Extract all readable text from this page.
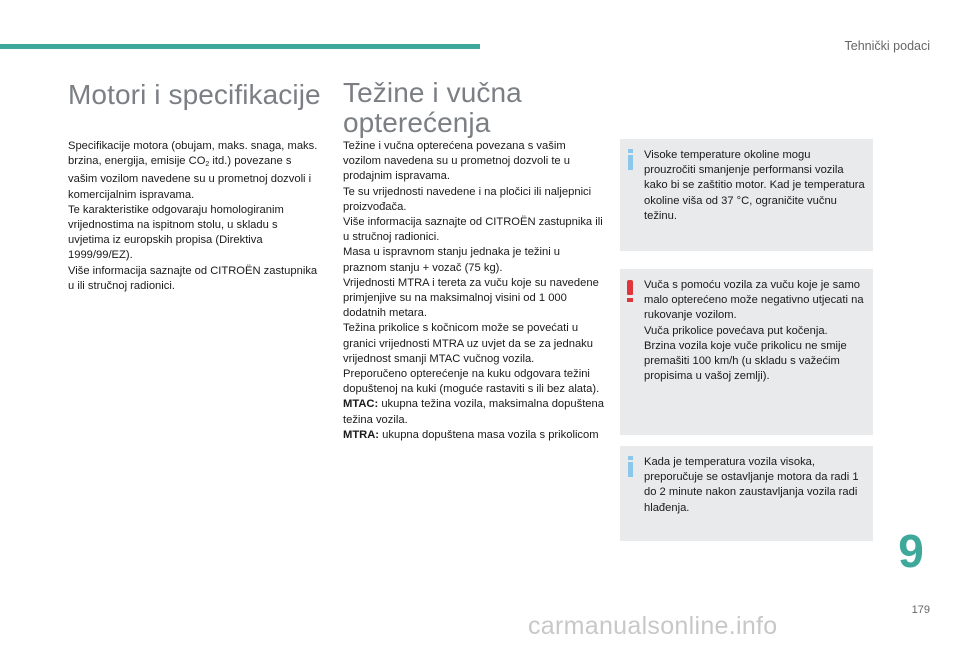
Tehnički podaci
Motori i specifikacije

Specifikacije motora (obujam, maks. snaga, maks. brzina, energija, emisije $CO_2$ itd.) povezane s vašim vozilom navedene su u prometnoj dozvoli i komercijalnim ispravama.

Te karakteristike odgovaraju homologiranim vrijednostima na ispitnom stolu, u skladu s uvjetima iz europskih propisa (Direktiva 1999/99/EZ).

Više informacija saznajte od CITROËN zastupnika u ili stručnoj radionici.

Težine i vučna opterećenja

Težine i vučna opterećena povezana s vašim vozilom navedena su u prometnoj dozvoli te u prodajnim ispravama.

Te su vrijednosti navedene i na pločici ili naljepnici proizvođača.

Više informacija saznajte od CITROËN zastupnika ili u stručnoj radionici.

Masa u ispravnom stanju jednaka je težini u praznom stanju + vozač (75 kg).

Vrijednosti MTRA i tereta za vuču koje su navedene primjenjive su na maksimalnoj visini od 1 000 dodatnih metara.

Težina prikolice s kočnicom može se povećati u granici vrijednosti MTRA uz uvjet da se za jednaku vrijednost smanji MTAC vučnog vozila.

Preporučeno opterećenje na kuku odgovara težini dopuštenoj na kuki (moguće rastaviti s ili bez alata).

MTAC: ukupna težina vozila, maksimalna dopuštena težina vozila.

MTRA: ukupna dopuštena masa vozila s prikolicom

Visoke temperature okoline mogu prouzročiti smanjenje performansi vozila kako bi se zaštitio motor. Kad je temperatura okoline viša od 37 °C, ograničite vučnu težinu.

Vuča s pomoću vozila za vuču koje je samo malo opterećeno može negativno utjecati na rukovanje vozilom.

Vuča prikolice povećava put kočenja.

Brzina vozila koje vuče prikolicu ne smije premašiti 100 km/h (u skladu s važećim propisima u vašoj zemlji).

Kada je temperatura vozila visoka, preporučuje se ostavljanje motora da radi 1 do 2 minute nakon zaustavljanja vozila radi hlađenja.
9
179
carmanualsonline.info
